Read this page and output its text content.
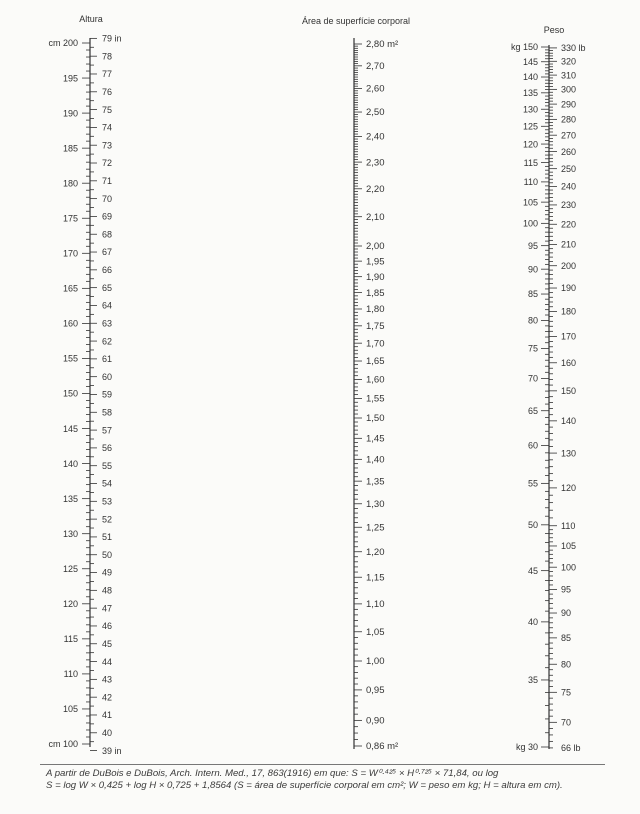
Altura	Área de superfície corporal
Peso
cm 200
195
190
185
180
175
170
165
160
155
150
145
140
135
130
125
120
115
110
105
cm 100
79 in
78
77
76
75
74
73
72
71
70
69
68
67
66
65
64
63
62
61
60
59
58
57
56
55
54
53
52
51
50
49
48
47
46
45
44
43
42
41
40
39 in
2,80 m²
2,70
2,60
2,50
2,40
2,30
2,20
2,10
2,00
1,95
1,90
1,85
1,80
1,75
1,70
1,65
1,60
1,55
1,50
1,45
1,40
1,35
1,30
1,25
1,20
1,15
1,10
1,05
1,00
0,95
0,90
0,86 m²
kg 150
145
140
135
130
125
120
115
110
105
100
95
90
85
80
75
70
65
60
55
50
45
40
35
kg 30
330 lb
320
310
300
290
280
270
260
250
240
230
220
210
200
190
180
170
160
150
140
130
120
110
105
100
95
90
85
80
75
70
66 lb
A partir de DuBois e DuBois, Arch. Intern. Med., 17, 863(1916) em que: S = W⁰·⁴²⁵ × H⁰·⁷²⁵ × 71,84, ou log
S = log W × 0,425 + log H × 0,725 + 1,8564 (S = área de superfície corporal em cm²; W = peso em kg; H = altura em cm).
